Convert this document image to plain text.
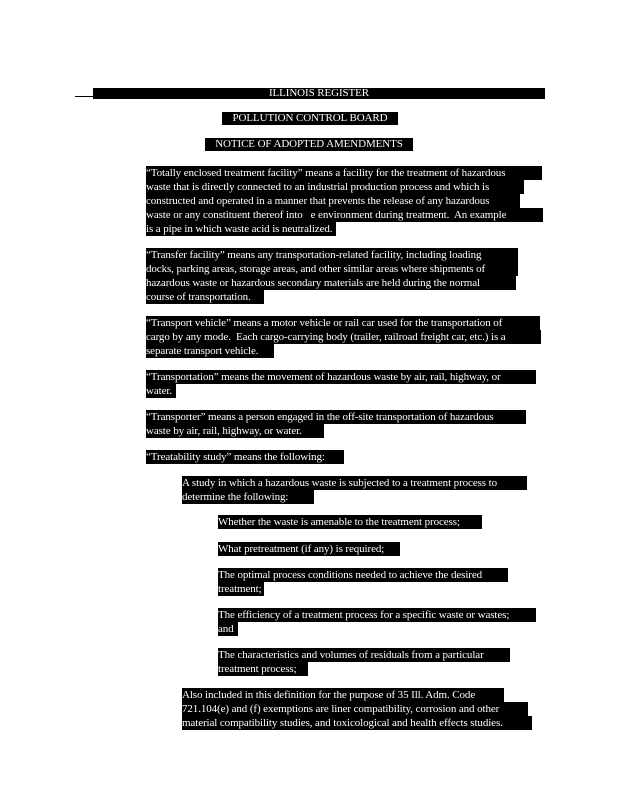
ILLINOIS REGISTER
POLLUTION CONTROL BOARD
NOTICE OF ADOPTED AMENDMENTS
“Totally enclosed treatment facility” means a facility for the treatment of hazardous
waste that is directly connected to an industrial production process and which is
constructed and operated in a manner that prevents the release of any hazardous
waste or any constituent thereof into   e environment during treatment.  An example
is a pipe in which waste acid is neutralized.
“Transfer facility” means any transportation-related facility, including loading
docks, parking areas, storage areas, and other similar areas where shipments of
hazardous waste or hazardous secondary materials are held during the normal
course of transportation.
“Transport vehicle” means a motor vehicle or rail car used for the transportation of
cargo by any mode.  Each cargo-carrying body (trailer, railroad freight car, etc.) is a
separate transport vehicle.
“Transportation” means the movement of hazardous waste by air, rail, highway, or
water.
“Transporter” means a person engaged in the off-site transportation of hazardous
waste by air, rail, highway, or water.
“Treatability study” means the following:
A study in which a hazardous waste is subjected to a treatment process to
determine the following:
Whether the waste is amenable to the treatment process;
What pretreatment (if any) is required;
The optimal process conditions needed to achieve the desired
treatment;
The efficiency of a treatment process for a specific waste or wastes;
and
The characteristics and volumes of residuals from a particular
treatment process;
Also included in this definition for the purpose of 35 Ill. Adm. Code
721.104(e) and (f) exemptions are liner compatibility, corrosion and other
material compatibility studies, and toxicological and health effects studies.
